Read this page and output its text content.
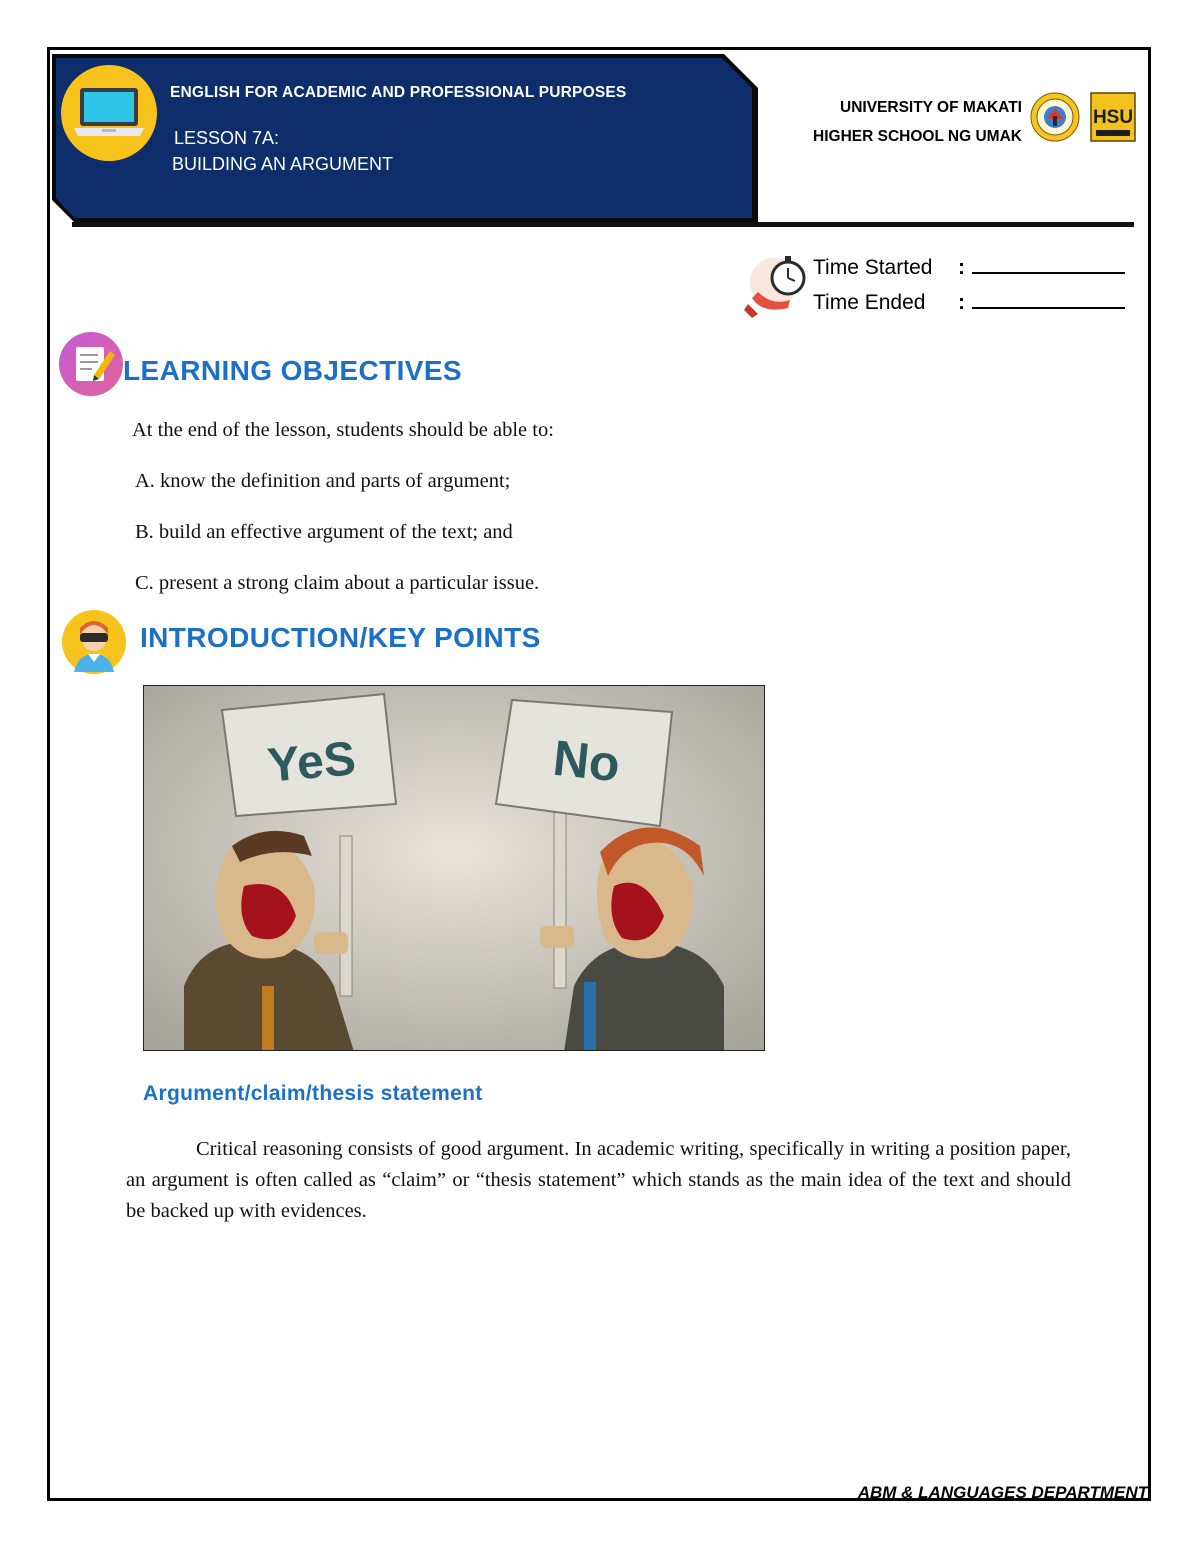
ENGLISH FOR ACADEMIC AND PROFESSIONAL PURPOSES
LESSON 7A:
BUILDING AN ARGUMENT
UNIVERSITY OF MAKATI
HIGHER SCHOOL NG UMAK
HSU
Time Started :
Time Ended :
LEARNING OBJECTIVES
At the end of the lesson, students should be able to:
A. know the definition and parts of argument;
B. build an effective argument of the text; and
C. present a strong claim about a particular issue.
INTRODUCTION/KEY POINTS
YeS	No
Argument/claim/thesis statement
Critical reasoning consists of good argument. In academic writing, specifically in writing a position paper, an argument is often called as “claim” or “thesis statement” which stands as the main idea of the text and should be backed up with evidences.
ABM & LANGUAGES DEPARTMENT
